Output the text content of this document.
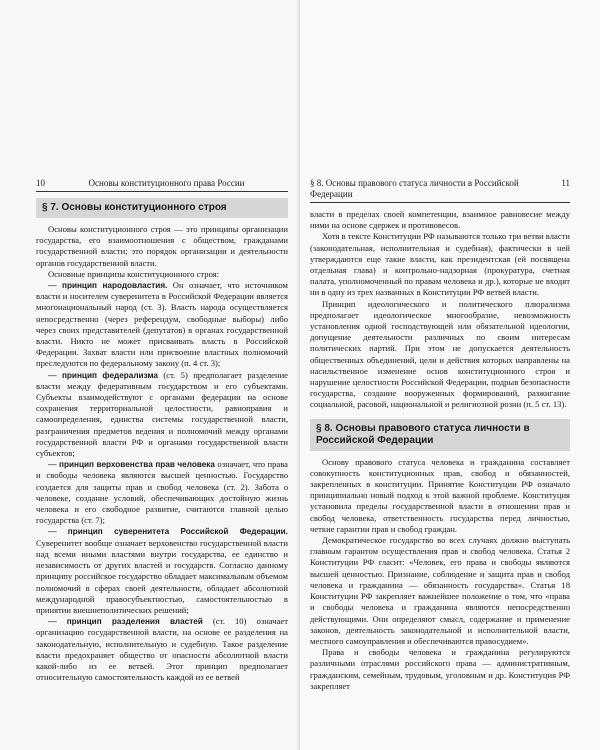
10	Основы конституционного права России
§ 7. Основы конституционного строя

Основы конституционного строя — это принципы организации государства, его взаимоотношения с обществом, гражданами государственной власти; это порядок организации и деятельности органов государственной власти.

Основные принципы конституционного строя:

— принцип народовластия. Он означает, что источником власти и носителем суверенитета в Российской Федерации является многонациональный народ (ст. 3). Власть народа осуществляется непосредственно (через референдум, свободные выборы) либо через своих представителей (депутатов) в органах государственной власти. Никто не может присваивать власть в Российской Федерации. Захват власти или присвоение властных полномочий преследуются по федеральному закону (п. 4 ст. 3);

— принцип федерализма (ст. 5) предполагает разделение власти между федеративным государством и его субъектами. Субъекты взаимодействуют с органами федерации на основе сохранения территориальной целостности, равноправия и самоопределения, единства системы государственной власти, разграничения предметов ведения и полномочий между органами государственной власти РФ и органами государственной власти субъектов;

— принцип верховенства прав человека означает, что права и свободы человека являются высшей ценностью. Государство создается для защиты прав и свобод человека (ст. 2). Забота о человеке, создание условий, обеспечивающих достойную жизнь человека и его свободное развитие, считаются главной целью государства (ст. 7);

— принцип суверенитета Российской Федерации. Суверенитет вообще означает верховенство государственной власти над всеми иными властями внутри государства, ее единство и независимость от других властей и государств. Согласно данному принципу российское государство обладает максимальным объемом полномочий в сферах своей деятельности, обладает абсолютной международной правосубъектностью, самостоятельностью в принятии внешнеполитических решений;

— принцип разделения властей (ст. 10) означает организацию государственной власти, на основе ее разделения на законодательную, исполнительную и судебную. Такое разделение власти предохраняет общество от опасности абсолютной власти какой-либо из ее ветвей. Этот принцип предполагает относительную самостоятельность каждой из ее ветвей

§ 8. Основы правового статуса личности в Российской Федерации
11

власти в пределах своей компетенции, взаимное равновесие между ними на основе сдержек и противовесов.

Хотя в тексте Конституции РФ называются только три ветви власти (законодательная, исполнительная и судебная), фактически в ней утверждаются еще такие власти, как президентская (ей посвящена отдельная глава) и контрольно-надзорная (прокуратура, счетная палата, уполномоченный по правам человека и др.), которые не входят ни в одну из трех названных в Конституции РФ ветвей власти.

Принцип идеологического и политического плюрализма предполагает идеологическое многообразие, невозможность установления одной господствующей или обязательной идеологии, допущение деятельности различных по своим интересам политических партий. При этом не допускается деятельность общественных объединений, цели и действия которых направлены на насильственное изменение основ конституционного строя и нарушение целостности Российской Федерации, подрыв безопасности государства, создание вооруженных формирований, разжигание социальной, расовой, национальной и религиозной розни (п. 5 ст. 13).

§ 8. Основы правового статуса личности в Российской Федерации

Основу правового статуса человека и гражданина составляет совокупность конституционных прав, свобод и обязанностей, закрепленных в конституции. Принятие Конституции РФ означало принципиально новый подход к этой важной проблеме. Конституция установила пределы государственной власти в отношении прав и свобод человека, ответственность государства перед личностью, четкие гарантии прав и свобод граждан.

Демократическое государство во всех случаях должно выступать главным гарантом осуществления прав и свобод человека. Статья 2 Конституции РФ гласит: «Человек, его права и свободы являются высшей ценностью. Признание, соблюдение и защита прав и свобод человека и гражданина — обязанность государства». Статья 18 Конституции РФ закрепляет важнейшее положение о том, что «права и свободы человека и гражданина являются непосредственно действующими. Они определяют смысл, содержание и применение законов, деятельность законодательной и исполнительной власти, местного самоуправления и обеспечиваются правосудием».

Права и свободы человека и гражданина регулируются различными отраслями российского права — административным, гражданским, семейным, трудовым, уголовным и др. Конституция РФ закрепляет
